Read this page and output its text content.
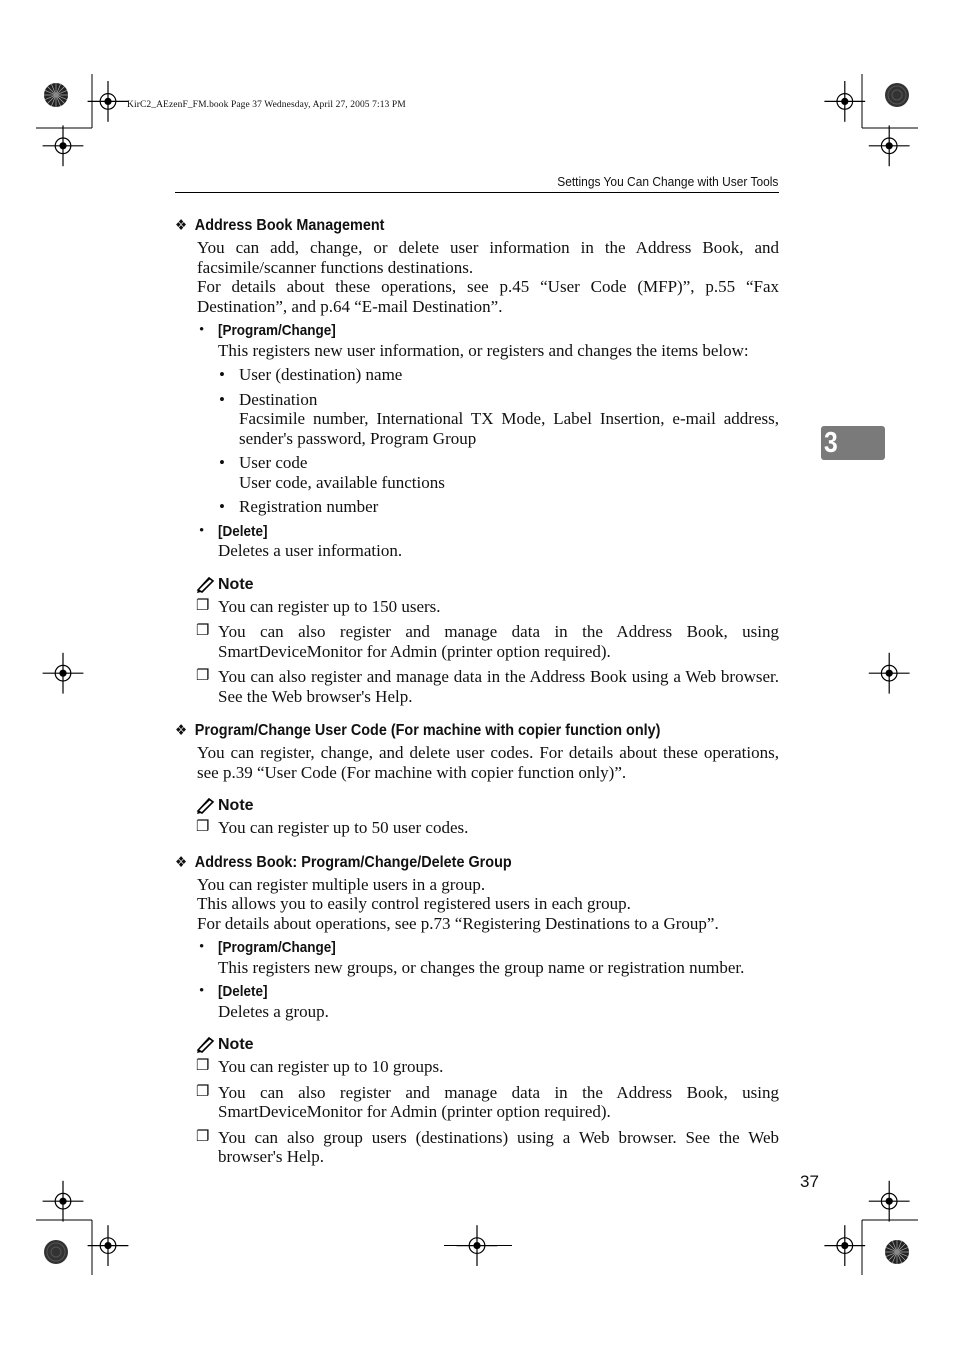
KirC2_AEzenF_FM.book Page 37 Wednesday, April 27, 2005 7:13 PM
Settings You Can Change with User Tools
3
❖ Address Book Management

You can add, change, or delete user information in the Address Book, and facsimile/scanner functions destinations.

For details about these operations, see p.45 “User Code (MFP)”, p.55 “Fax Destination”, and p.64 “E-mail Destination”.

• [Program/Change]
This registers new user information, or registers and changes the items below:
• User (destination) name
• Destination
Facsimile number, International TX Mode, Label Insertion, e-mail address, sender's password, Program Group
• User code
User code, available functions
• Registration number
• [Delete]
Deletes a user information.
Note
❐ You can register up to 150 users.
❐ You can also register and manage data in the Address Book, using SmartDeviceMonitor for Admin (printer option required).
❐ You can also register and manage data in the Address Book using a Web browser. See the Web browser's Help.
❖ Program/Change User Code (For machine with copier function only)

You can register, change, and delete user codes. For details about these operations, see p.39 “User Code (For machine with copier function only)”.

Note
❐ You can register up to 50 user codes.
❖ Address Book: Program/Change/Delete Group

You can register multiple users in a group.

This allows you to easily control registered users in each group.

For details about operations, see p.73 “Registering Destinations to a Group”.

• [Program/Change]
This registers new groups, or changes the group name or registration number.
• [Delete]
Deletes a group.
Note
❐ You can register up to 10 groups.
❐ You can also register and manage data in the Address Book, using SmartDeviceMonitor for Admin (printer option required).
❐ You can also group users (destinations) using a Web browser. See the Web browser's Help.
37
